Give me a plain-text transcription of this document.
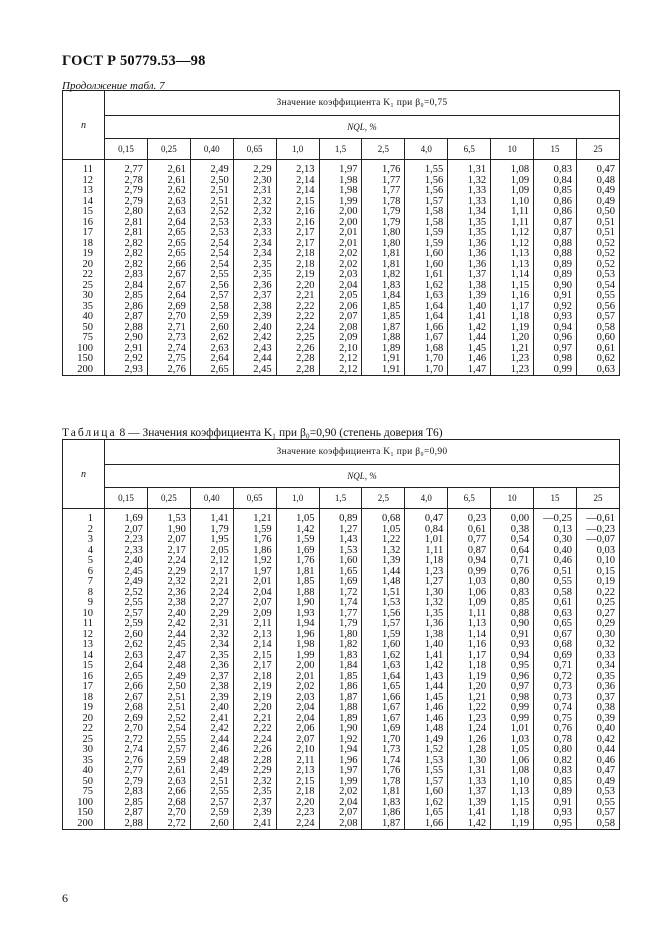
ГОСТ Р 50779.53—98
Продолжение табл. 7
n	Значение коэффициента K₁ при β₀=0,75											
	NQL, %											
	0,15	0,25	0,40	0,65	1,0	1,5	2,5	4,0	6,5	10	15	25
11	2,77	2,61	2,49	2,29	2,13	1,97	1,76	1,55	1,31	1,08	0,83	0,47
12	2,78	2,61	2,50	2,30	2,14	1,98	1,77	1,56	1,32	1,09	0,84	0,48
13	2,79	2,62	2,51	2,31	2,14	1,98	1,77	1,56	1,33	1,09	0,85	0,49
14	2,79	2,63	2,51	2,32	2,15	1,99	1,78	1,57	1,33	1,10	0,86	0,49
15	2,80	2,63	2,52	2,32	2,16	2,00	1,79	1,58	1,34	1,11	0,86	0,50
16	2,81	2,64	2,53	2,33	2,16	2,00	1,79	1,58	1,35	1,11	0,87	0,51
17	2,81	2,65	2,53	2,33	2,17	2,01	1,80	1,59	1,35	1,12	0,87	0,51
18	2,82	2,65	2,54	2,34	2,17	2,01	1,80	1,59	1,36	1,12	0,88	0,52
19	2,82	2,65	2,54	2,34	2,18	2,02	1,81	1,60	1,36	1,13	0,88	0,52
20	2,82	2,66	2,54	2,35	2,18	2,02	1,81	1,60	1,36	1,13	0,89	0,52
22	2,83	2,67	2,55	2,35	2,19	2,03	1,82	1,61	1,37	1,14	0,89	0,53
25	2,84	2,67	2,56	2,36	2,20	2,04	1,83	1,62	1,38	1,15	0,90	0,54
30	2,85	2,64	2,57	2,37	2,21	2,05	1,84	1,63	1,39	1,16	0,91	0,55
35	2,86	2,69	2,58	2,38	2,22	2,06	1,85	1,64	1,40	1,17	0,92	0,56
40	2,87	2,70	2,59	2,39	2,22	2,07	1,85	1,64	1,41	1,18	0,93	0,57
50	2,88	2,71	2,60	2,40	2,24	2,08	1,87	1,66	1,42	1,19	0,94	0,58
75	2,90	2,73	2,62	2,42	2,25	2,09	1,88	1,67	1,44	1,20	0,96	0,60
100	2,91	2,74	2,63	2,43	2,26	2,10	1,89	1,68	1,45	1,21	0,97	0,61
150	2,92	2,75	2,64	2,44	2,28	2,12	1,91	1,70	1,46	1,23	0,98	0,62
200	2,93	2,76	2,65	2,45	2,28	2,12	1,91	1,70	1,47	1,23	0,99	0,63
Таблица 8 — Значения коэффициента K₁ при β₀=0,90 (степень доверия Т6)
n	Значение коэффициента K₁ при β₀=0,90											
	NQL, %											
	0,15	0,25	0,40	0,65	1,0	1,5	2,5	4,0	6,5	10	15	25
1	1,69	1,53	1,41	1,21	1,05	0,89	0,68	0,47	0,23	0,00	—0,25	—0,61
2	2,07	1,90	1,79	1,59	1,42	1,27	1,05	0,84	0,61	0,38	0,13	—0,23
3	2,23	2,07	1,95	1,76	1,59	1,43	1,22	1,01	0,77	0,54	0,30	—0,07
4	2,33	2,17	2,05	1,86	1,69	1,53	1,32	1,11	0,87	0,64	0,40	0,03
5	2,40	2,24	2,12	1,92	1,76	1,60	1,39	1,18	0,94	0,71	0,46	0,10
6	2,45	2,29	2,17	1,97	1,81	1,65	1,44	1,23	0,99	0,76	0,51	0,15
7	2,49	2,32	2,21	2,01	1,85	1,69	1,48	1,27	1,03	0,80	0,55	0,19
8	2,52	2,36	2,24	2,04	1,88	1,72	1,51	1,30	1,06	0,83	0,58	0,22
9	2,55	2,38	2,27	2,07	1,90	1,74	1,53	1,32	1,09	0,85	0,61	0,25
10	2,57	2,40	2,29	2,09	1,93	1,77	1,56	1,35	1,11	0,88	0,63	0,27
11	2,59	2,42	2,31	2,11	1,94	1,79	1,57	1,36	1,13	0,90	0,65	0,29
12	2,60	2,44	2,32	2,13	1,96	1,80	1,59	1,38	1,14	0,91	0,67	0,30
13	2,62	2,45	2,34	2,14	1,98	1,82	1,60	1,40	1,16	0,93	0,68	0,32
14	2,63	2,47	2,35	2,15	1,99	1,83	1,62	1,41	1,17	0,94	0,69	0,33
15	2,64	2,48	2,36	2,17	2,00	1,84	1,63	1,42	1,18	0,95	0,71	0,34
16	2,65	2,49	2,37	2,18	2,01	1,85	1,64	1,43	1,19	0,96	0,72	0,35
17	2,66	2,50	2,38	2,19	2,02	1,86	1,65	1,44	1,20	0,97	0,73	0,36
18	2,67	2,51	2,39	2,19	2,03	1,87	1,66	1,45	1,21	0,98	0,73	0,37
19	2,68	2,51	2,40	2,20	2,04	1,88	1,67	1,46	1,22	0,99	0,74	0,38
20	2,69	2,52	2,41	2,21	2,04	1,89	1,67	1,46	1,23	0,99	0,75	0,39
22	2,70	2,54	2,42	2,22	2,06	1,90	1,69	1,48	1,24	1,01	0,76	0,40
25	2,72	2,55	2,44	2,24	2,07	1,92	1,70	1,49	1,26	1,03	0,78	0,42
30	2,74	2,57	2,46	2,26	2,10	1,94	1,73	1,52	1,28	1,05	0,80	0,44
35	2,76	2,59	2,48	2,28	2,11	1,96	1,74	1,53	1,30	1,06	0,82	0,46
40	2,77	2,61	2,49	2,29	2,13	1,97	1,76	1,55	1,31	1,08	0,83	0,47
50	2,79	2,63	2,51	2,32	2,15	1,99	1,78	1,57	1,33	1,10	0,85	0,49
75	2,83	2,66	2,55	2,35	2,18	2,02	1,81	1,60	1,37	1,13	0,89	0,53
100	2,85	2,68	2,57	2,37	2,20	2,04	1,83	1,62	1,39	1,15	0,91	0,55
150	2,87	2,70	2,59	2,39	2,23	2,07	1,86	1,65	1,41	1,18	0,93	0,57
200	2,88	2,72	2,60	2,41	2,24	2,08	1,87	1,66	1,42	1,19	0,95	0,58
6
